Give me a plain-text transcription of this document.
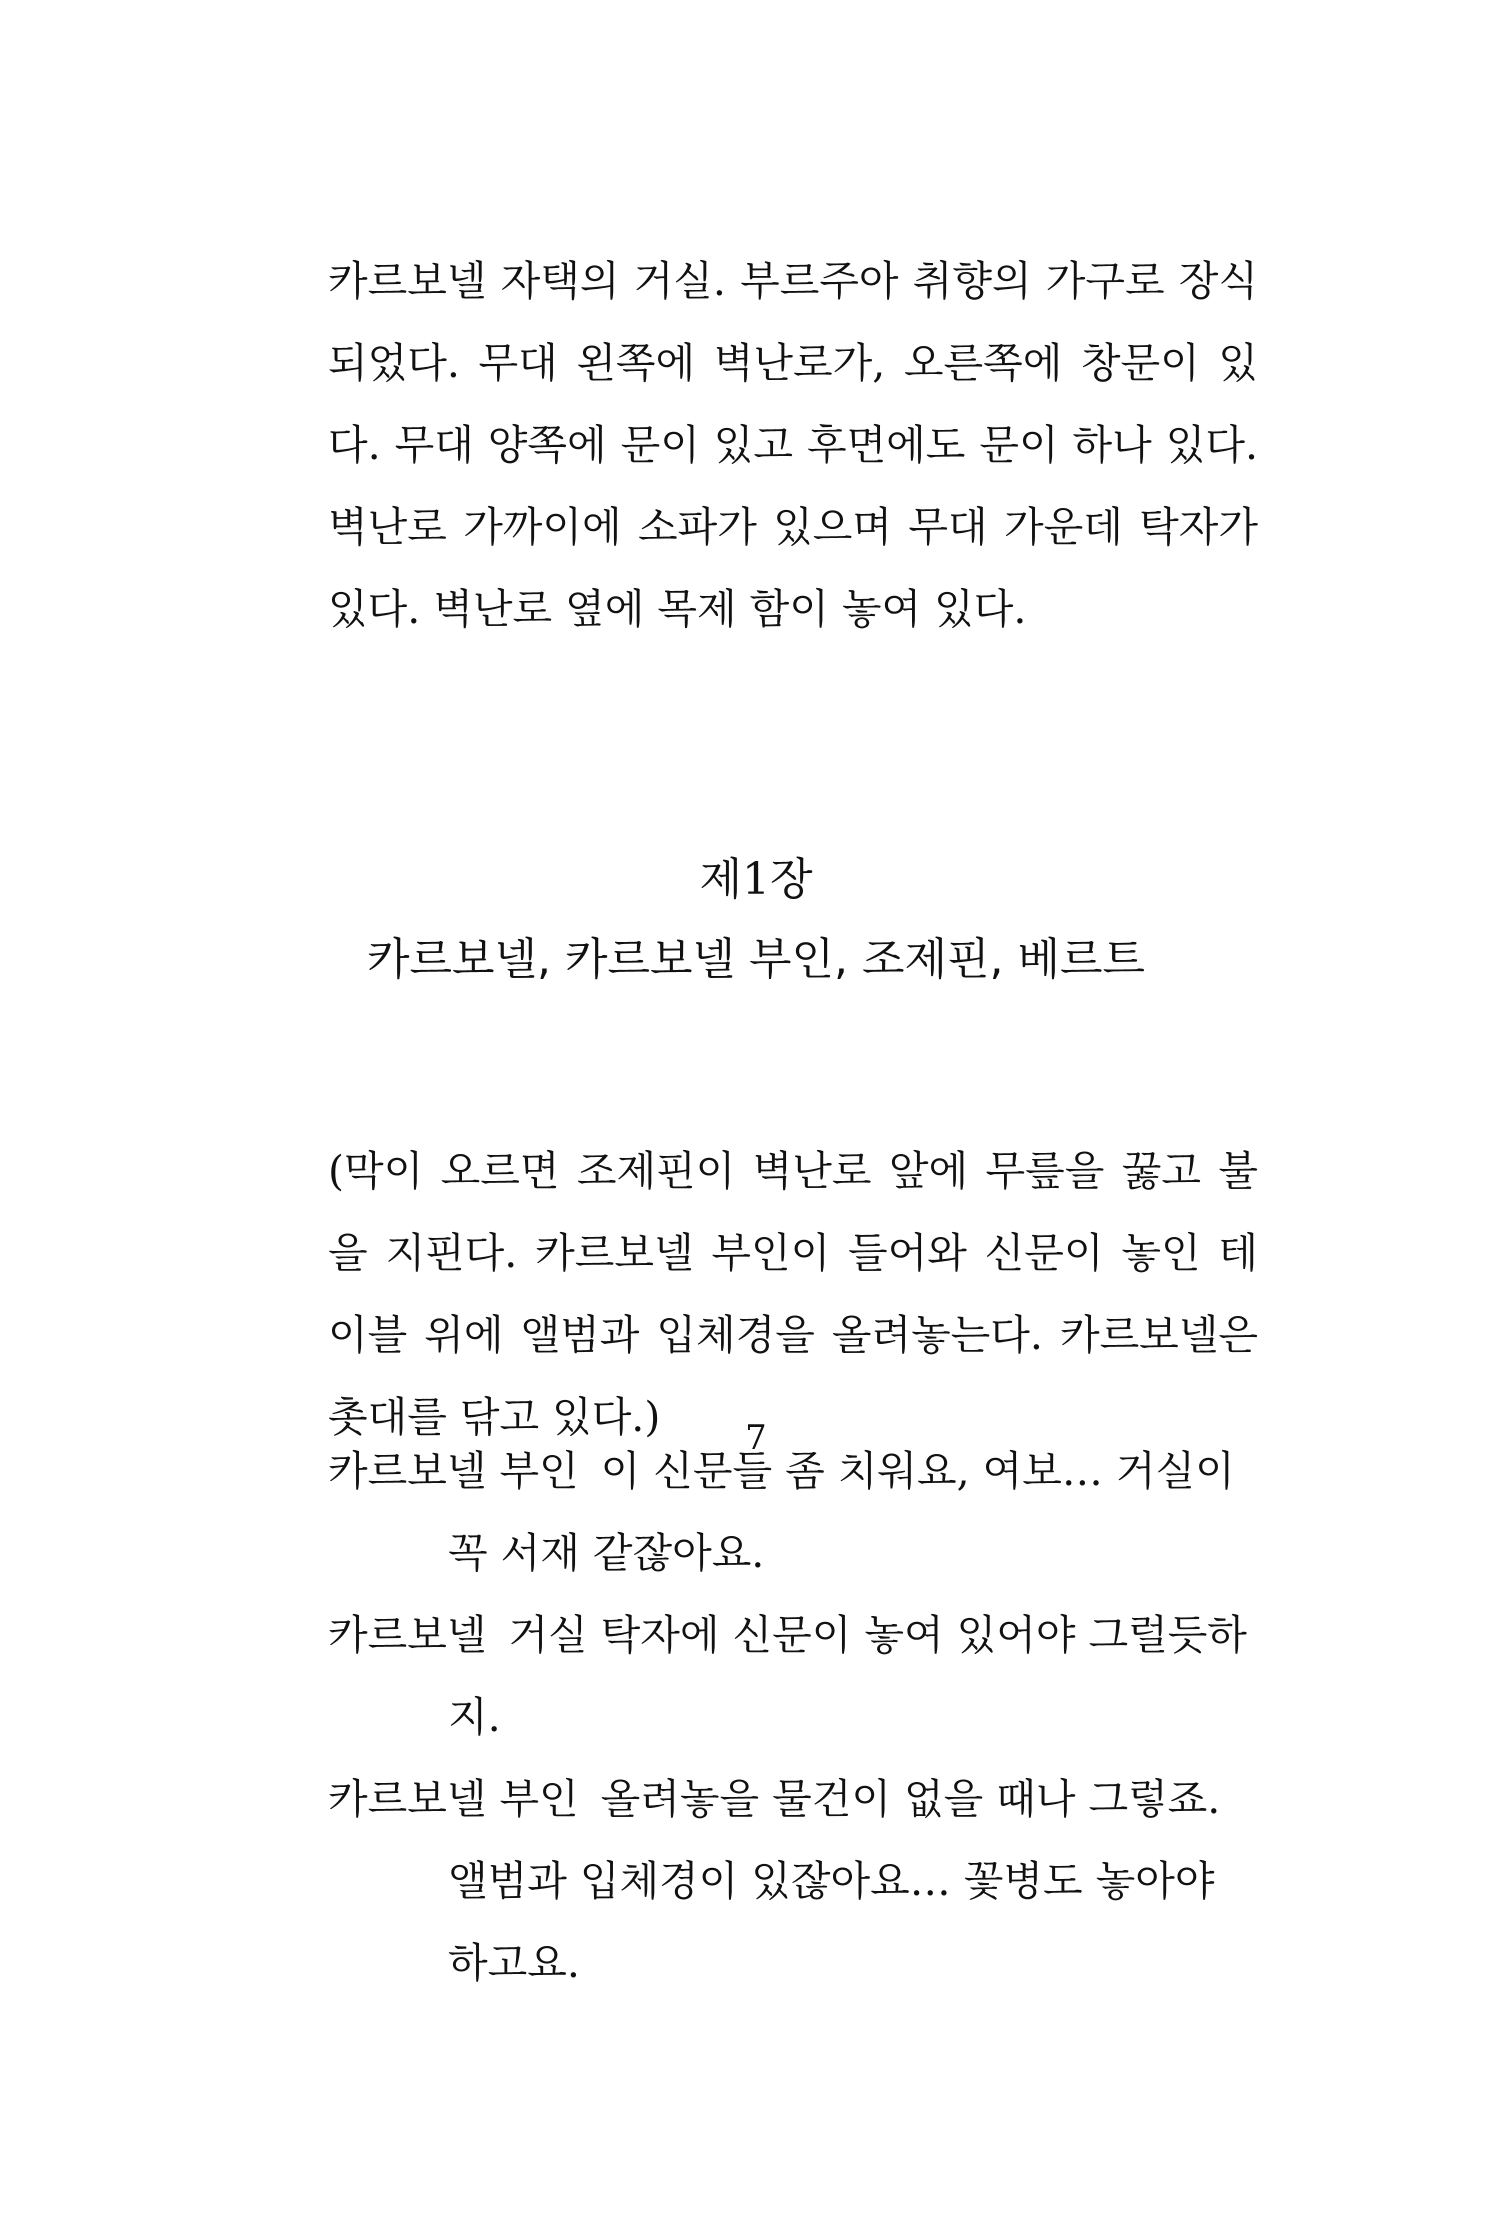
카르보넬 자택의 거실. 부르주아 취향의 가구로 장식되었다. 무대 왼쪽에 벽난로가, 오른쪽에 창문이 있다. 무대 양쪽에 문이 있고 후면에도 문이 하나 있다. 벽난로 가까이에 소파가 있으며 무대 가운데 탁자가 있다. 벽난로 옆에 목제 함이 놓여 있다.

제1장
카르보넬, 카르보넬 부인, 조제핀, 베르트

(막이 오르면 조제핀이 벽난로 앞에 무릎을 꿇고 불을 지핀다. 카르보넬 부인이 들어와 신문이 놓인 테이블 위에 앨범과 입체경을 올려놓는다. 카르보넬은 촛대를 닦고 있다.)

카르보넬 부인 이 신문들 좀 치워요, 여보… 거실이 꼭 서재 같잖아요.

카르보넬 거실 탁자에 신문이 놓여 있어야 그럴듯하지.

카르보넬 부인 올려놓을 물건이 없을 때나 그렇죠. 앨범과 입체경이 있잖아요… 꽃병도 놓아야 하고요.

7
